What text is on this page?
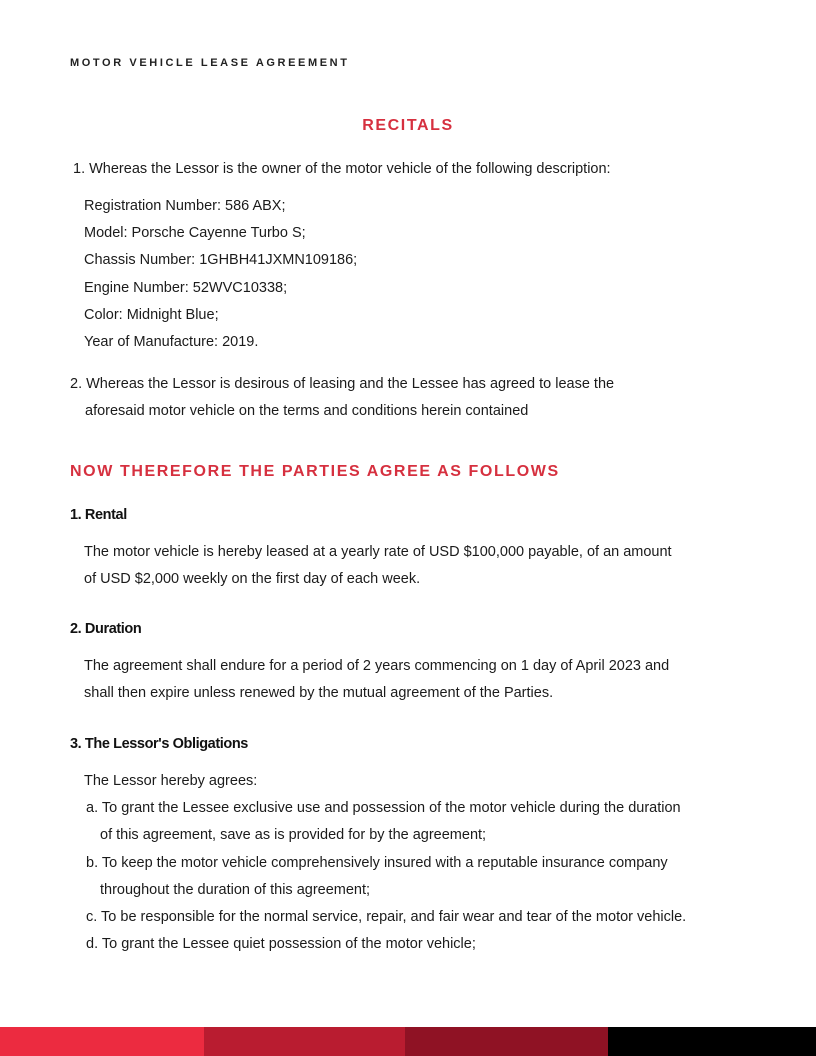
MOTOR VEHICLE LEASE AGREEMENT
RECITALS
1. Whereas the Lessor is the owner of the motor vehicle of the following description:
Registration Number: 586 ABX;
Model: Porsche Cayenne Turbo S;
Chassis Number: 1GHBH41JXMN109186;
Engine Number: 52WVC10338;
Color: Midnight Blue;
Year of Manufacture: 2019.
2. Whereas the Lessor is desirous of leasing and the Lessee has agreed to lease the
aforesaid motor vehicle on the terms and conditions herein contained
NOW THEREFORE THE PARTIES AGREE AS FOLLOWS
1. Rental
The motor vehicle is hereby leased at a yearly rate of USD $100,000 payable, of an amount
of USD $2,000 weekly on the first day of each week.
2. Duration
The agreement shall endure for a period of 2 years commencing on 1 day of April 2023 and
shall then expire unless renewed by the mutual agreement of the Parties.
3. The Lessor's Obligations
The Lessor hereby agrees:
a. To grant the Lessee exclusive use and possession of the motor vehicle during the duration
of this agreement, save as is provided for by the agreement;
b. To keep the motor vehicle comprehensively insured with a reputable insurance company
throughout the duration of this agreement;
c. To be responsible for the normal service, repair, and fair wear and tear of the motor vehicle.
d. To grant the Lessee quiet possession of the motor vehicle;
